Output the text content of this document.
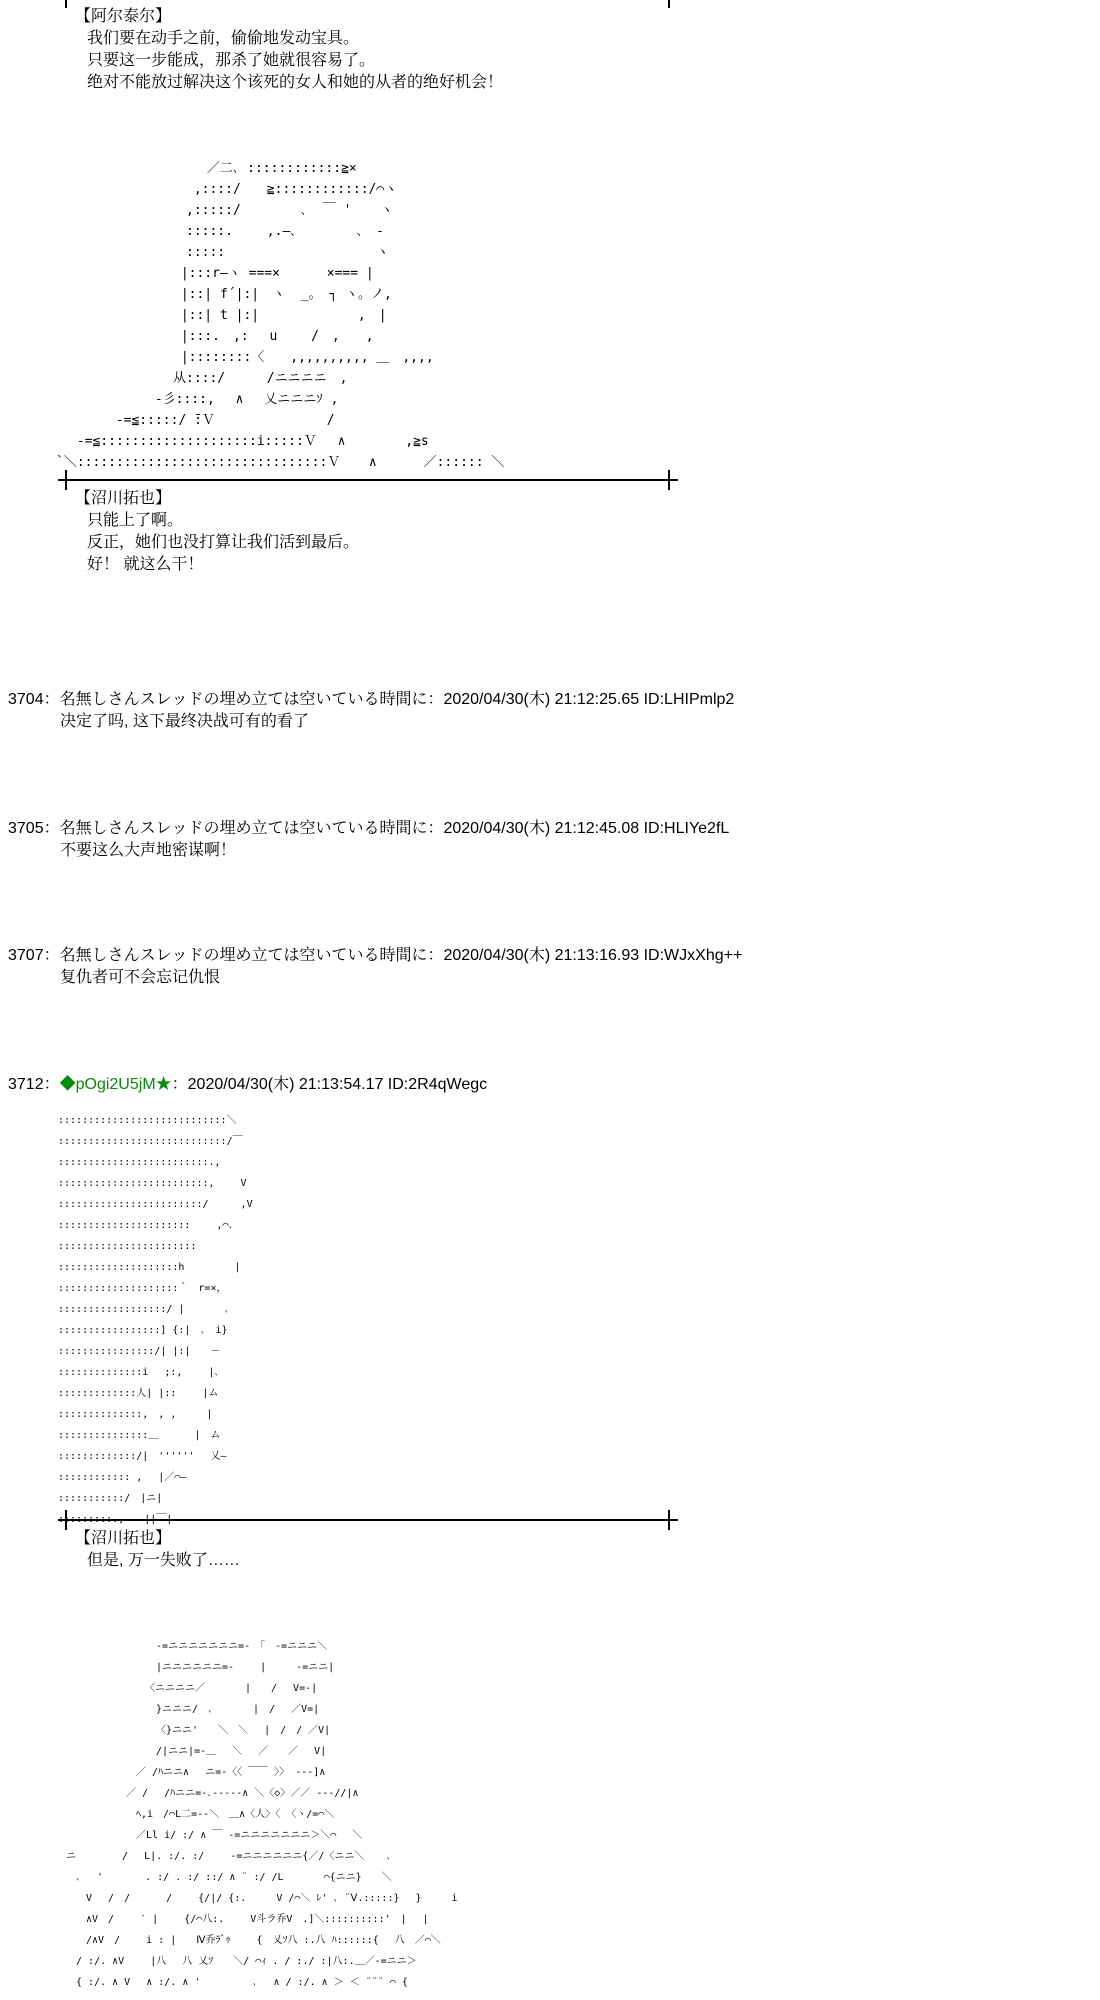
【阿尔泰尔】
我们要在动手之前，偷偷地发动宝具。
只要这一步能成，那杀了她就很容易了。
绝对不能放过解决这个该死的女人和她的从者的绝好机会！
　　　　　　　　　　　 ／二､ ::::::::::::≧×
　　　　　　　　　　 ,::::/　　≧::::::::::::/⌒ヽ
　　　　　　　　　　,:::::/　　　　 ､  ￣ ' 　 ヽ
　　　　　　　　　　:::::.　　 ,.—､　　　　 ､　-
　　　　　　　　　　:::::　　　　　　　　　　　 ヽ
　　　　　　　　　 |:::r—ヽ ===×　　　 ×=== |
　　　　　　　　　 |::| f´|:|　ヽ  _。 ┐ ヽ。ノ,
　　　　　　　　　 |::| t |:|　　　　　　　 ,　|
　　　　　　　　　 |:::.　,:　 u　　 /　,　　,
　　　　　　　　　 |::::::::〈　　,,,,,,,,,, ＿　,,,,
　　　　　　　　　从::::/ 　　 /ニニニニ　,
　　　　　　　 -彡::::,　 ∧ 　乂ニニニｿ ,
　　　　 -=≦:::::/ ̄:Ｖ　　　　　　　　 /
　 -=≦::::::::::::::::::::i:::::Ｖ　 ∧　　　　 ,≧s
`＼::::::::::::::::::::::::::::::::Ｖ 　 ∧　　　 ／:::::: ＼
【沼川拓也】
只能上了啊。
反正，她们也没打算让我们活到最后。
好！ 就这么干！
3704：名無しさんスレッドの埋め立ては空いている時間に：2020/04/30(木) 21:12:25.65 ID:LHIPmlp2
决定了吗, 这下最终决战可有的看了
3705：名無しさんスレッドの埋め立ては空いている時間に：2020/04/30(木) 21:12:45.08 ID:HLIYe2fL
不要这么大声地密谋啊！
3707：名無しさんスレッドの埋め立ては空いている時間に：2020/04/30(木) 21:13:16.93 ID:WJxXhg++
复仇者可不会忘记仇恨
3712：◆pOgi2U5jM★：2020/04/30(木) 21:13:54.17 ID:2R4qWegc
::::::::::::::::::::::::::::＼
::::::::::::::::::::::::::::/￣
:::::::::::::::::::::::::.,
:::::::::::::::::::::::::,　　 V
::::::::::::::::::::::::/　 　 ,V
::::::::::::::::::::::　　 ,⌒､
:::::::::::::::::::::::
::::::::::::::::::::h　　　　　|
::::::::::::::::::::｀　r=×，
::::::::::::::::::/ |　　　　､
:::::::::::::::::] {:|　､　i}
::::::::::::::::/| |:|　　－
::::::::::::::i　 ;:,　　 |､
:::::::::::::人| |::　　 |ム
::::::::::::::,　, ,　　　|
:::::::::::::::＿　　　 |　ム
:::::::::::::/|　''''''　 乂—
:::::::::::: ,　 |／⌒—
:::::::::::/　|ニ|

【沼川拓也】
但是, 万一失败了……
　　　　　　　　　 -=ニニニニニニニ=-　「　-=ニニニ＼
　　　　　　　　　 |ニニニニニニ=-　　 |　　　-=ニニ|
　　　　　　　　　〈ニニニニ／　　　　|　　/　 V=-|
　　　　　　　　　 }ニニニ/　､　　　　|　/　 ／V=|
　　　　　　　　　 〈}ニニ'　　＼　＼　 |　/　/ ／V|
　　　　　　　　　 /|ニニ|=-＿　 ＼　 ／　　／　 V|
　　　　　　　 ／ /ﾊニニ∧　 ニ=-〈〈 ￣￣ 〉〉 ---]∧
　　　　　　 ／ /　 /ﾊニニ=-､-----∧ ＼〈◇〉／／ ---//|∧
　　　　　　　 ﾍ,i　/⌒L二=--＼　＿∧〈人〉〈 〈ヽ/=⌒＼
　　　　　　　 ／Ll i/ :/ ∧ ￣ -=ニニニニニニニ＞＼⌒ 　＼
ニ　　　 　/　 L|. :/. :/　　 -=ニニニニニニ{／/〈ニニ＼ 　 ､
　 ､　 ' 　　　 . :/ . :/ ::/ ∧ ¨ :/ /L　　　　⌒{ニニ}　　＼
　　 V　 /　/　　　 /　　 {/|/ {:.　　　V /⌒＼ ﾚ' ､ ¨Ⅴ.:::::}　 }　　　i
　　 ∧V　/　　 ′ |　　 {/⌒八:. 　　V斗ラ乔V　.]＼::::::::::'　|　 |
　　 /∧V　/　　 i : |　　Ⅳ乔ﾗﾞｩ　　 {　乂ｿ八 :.八 ﾊ::::::{　 八　／⌒＼
　 / :/. ∧V　　 |八 　八 乂ｿ　　＼/ ⌒ｨ . / :./ :|八:.＿／-=ニニ＞
　 { :/. ∧ V　 ∧ :/. ∧ '　　 　　 ､　 ∧ / :/. ∧ ＞ ＜ ¨¨¨ ⌒ {
